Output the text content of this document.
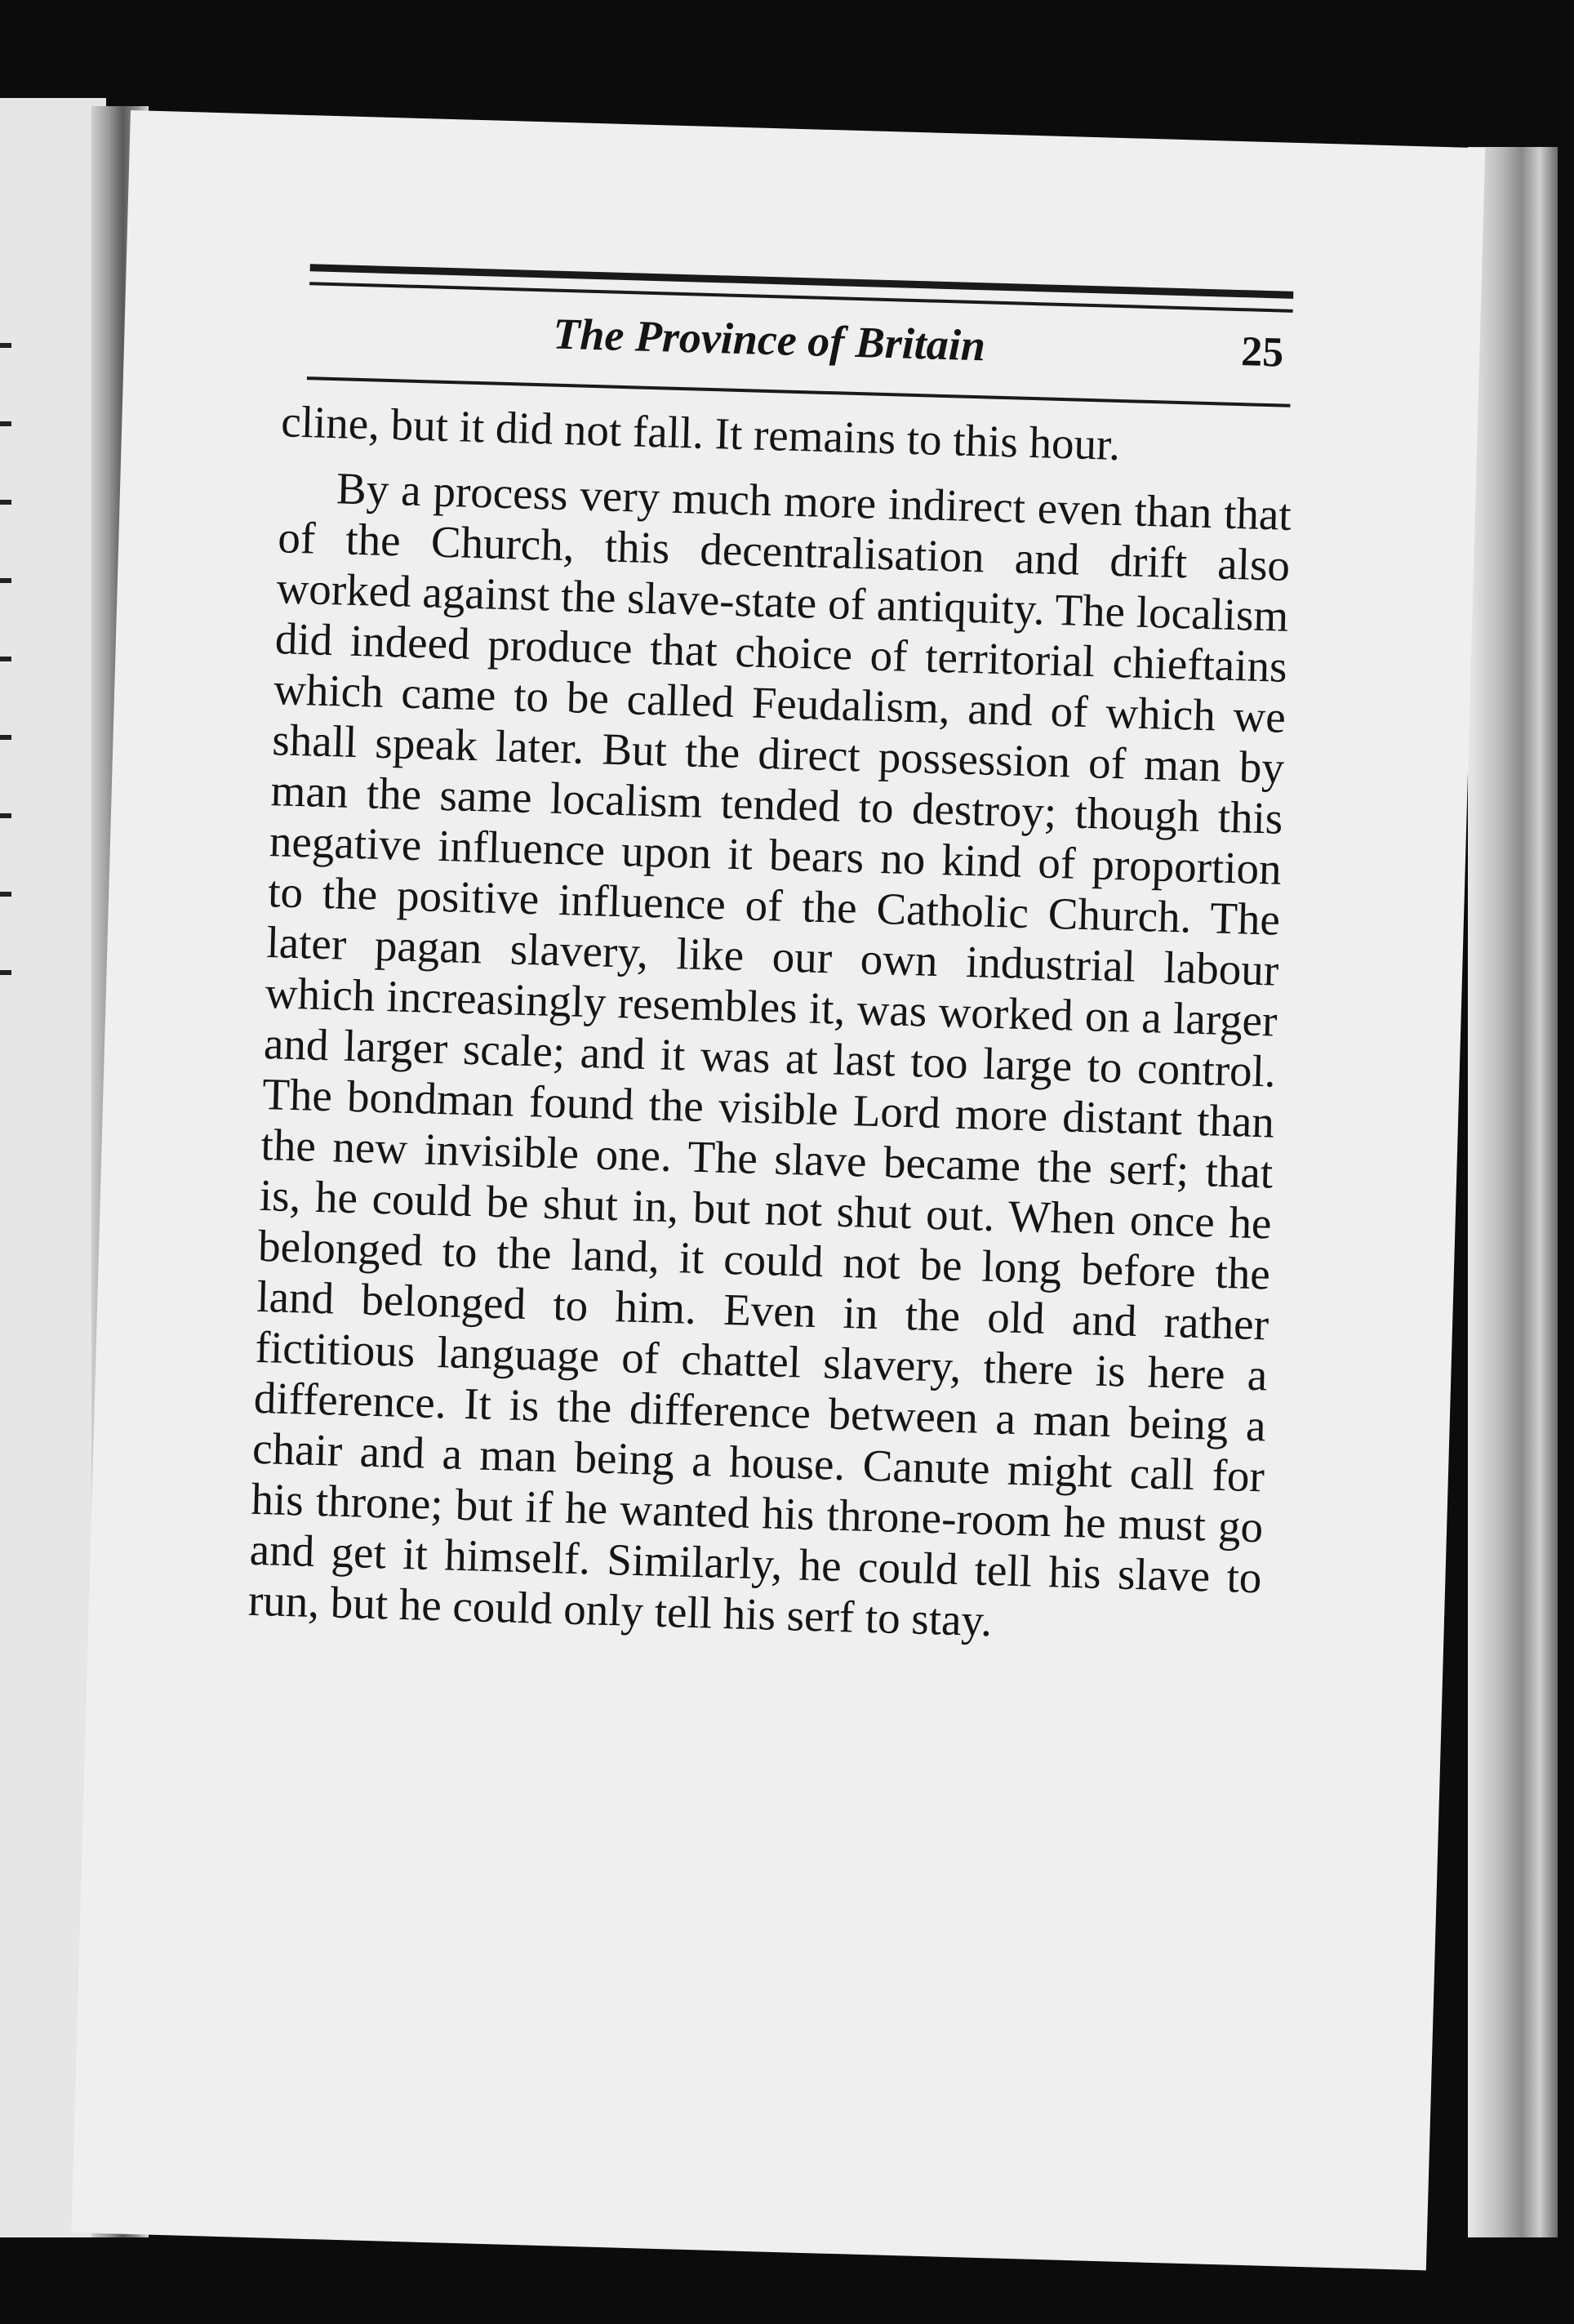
The Province of Britain	25

cline, but it did not fall. It remains to this hour.

By a process very much more indirect even than that of the Church, this decentralisation and drift also worked against the slave-state of antiquity. The localism did indeed produce that choice of territorial chieftains which came to be called Feudalism, and of which we shall speak later. But the direct possession of man by man the same localism tended to destroy; though this negative influence upon it bears no kind of proportion to the positive influence of the Catholic Church. The later pagan slavery, like our own industrial labour which increasingly resembles it, was worked on a larger and larger scale; and it was at last too large to control. The bondman found the visible Lord more distant than the new invisible one. The slave became the serf; that is, he could be shut in, but not shut out. When once he belonged to the land, it could not be long before the land belonged to him. Even in the old and rather fictitious language of chattel slavery, there is here a difference. It is the difference between a man being a chair and a man being a house. Canute might call for his throne; but if he wanted his throne-room he must go and get it himself. Similarly, he could tell his slave to run, but he could only tell his serf to stay.
